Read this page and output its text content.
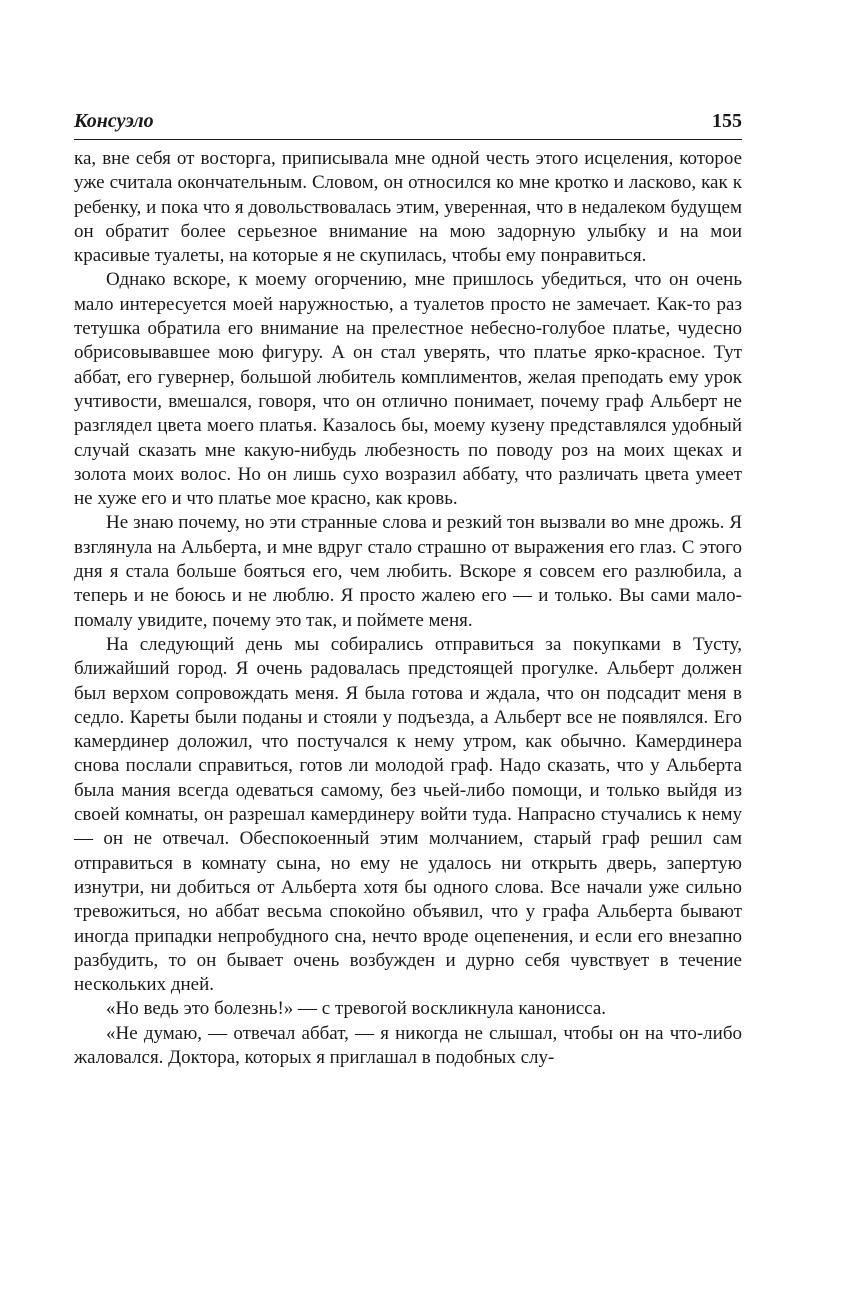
Консуэло	155

ка, вне себя от восторга, приписывала мне одной честь этого исцеления, которое уже считала окончательным. Словом, он относился ко мне кротко и ласково, как к ребенку, и пока что я довольствовалась этим, уверенная, что в недалеком будущем он обратит более серьезное внимание на мою задорную улыбку и на мои красивые туалеты, на которые я не скупилась, чтобы ему понравиться.

Однако вскоре, к моему огорчению, мне пришлось убедиться, что он очень мало интересуется моей наружностью, а туалетов просто не замечает. Как-то раз тетушка обратила его внимание на прелестное небесно-голубое платье, чудесно обрисовывавшее мою фигуру. А он стал уверять, что платье ярко-красное. Тут аббат, его гувернер, большой любитель комплиментов, желая преподать ему урок учтивости, вмешался, говоря, что он отлично понимает, почему граф Альберт не разглядел цвета моего платья. Казалось бы, моему кузену представлялся удобный случай сказать мне какую-нибудь любезность по поводу роз на моих щеках и золота моих волос. Но он лишь сухо возразил аббату, что различать цвета умеет не хуже его и что платье мое красно, как кровь.

Не знаю почему, но эти странные слова и резкий тон вызвали во мне дрожь. Я взглянула на Альберта, и мне вдруг стало страшно от выражения его глаз. С этого дня я стала больше бояться его, чем любить. Вскоре я совсем его разлюбила, а теперь и не боюсь и не люблю. Я просто жалею его — и только. Вы сами мало-помалу увидите, почему это так, и поймете меня.

На следующий день мы собирались отправиться за покупками в Тусту, ближайший город. Я очень радовалась предстоящей прогулке. Альберт должен был верхом сопровождать меня. Я была готова и ждала, что он подсадит меня в седло. Кареты были поданы и стояли у подъезда, а Альберт все не появлялся. Его камердинер доложил, что постучался к нему утром, как обычно. Камердинера снова послали справиться, готов ли молодой граф. Надо сказать, что у Альберта была мания всегда одеваться самому, без чьей-либо помощи, и только выйдя из своей комнаты, он разрешал камердинеру войти туда. Напрасно стучались к нему — он не отвечал. Обеспокоенный этим молчанием, старый граф решил сам отправиться в комнату сына, но ему не удалось ни открыть дверь, запертую изнутри, ни добиться от Альберта хотя бы одного слова. Все начали уже сильно тревожиться, но аббат весьма спокойно объявил, что у графа Альберта бывают иногда припадки непробудного сна, нечто вроде оцепенения, и если его внезапно разбудить, то он бывает очень возбужден и дурно себя чувствует в течение нескольких дней.

«Но ведь это болезнь!» — с тревогой воскликнула канонисса.

«Не думаю, — отвечал аббат, — я никогда не слышал, чтобы он на что-либо жаловался. Доктора, которых я приглашал в подобных слу-
